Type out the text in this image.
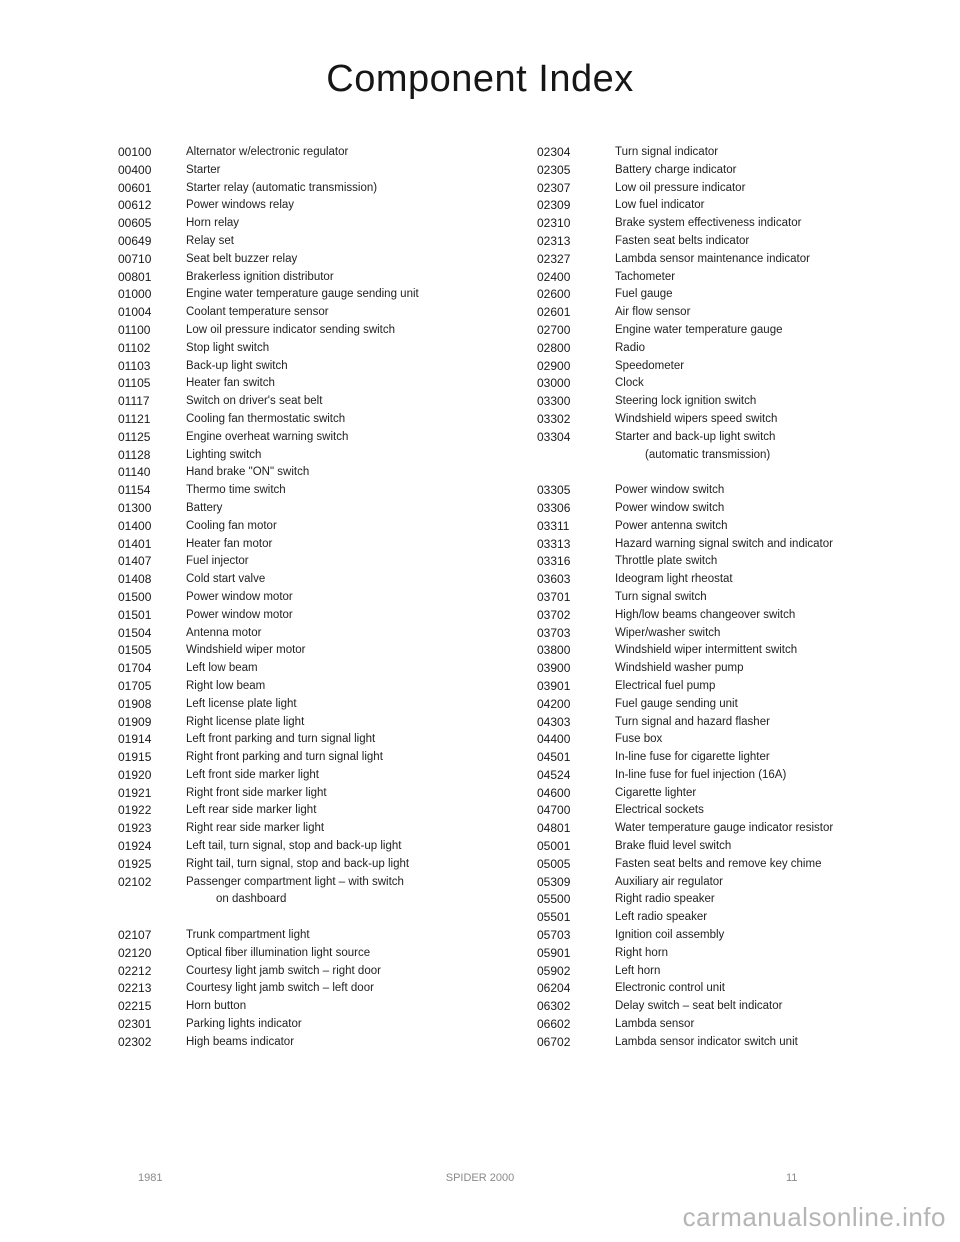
Component Index
00100	Alternator w/electronic regulator
00400	Starter
00601	Starter relay (automatic transmission)
00612	Power windows relay
00605	Horn relay
00649	Relay set
00710	Seat belt buzzer relay
00801	Brakerless ignition distributor
01000	Engine water temperature gauge sending unit
01004	Coolant temperature sensor
01100	Low oil pressure indicator sending switch
01102	Stop light switch
01103	Back-up light switch
01105	Heater fan switch
01117	Switch on driver's seat belt
01121	Cooling fan thermostatic switch
01125	Engine overheat warning switch
01128	Lighting switch
01140	Hand brake "ON" switch
01154	Thermo time switch
01300	Battery
01400	Cooling fan motor
01401	Heater fan motor
01407	Fuel injector
01408	Cold start valve
01500	Power window motor
01501	Power window motor
01504	Antenna motor
01505	Windshield wiper motor
01704	Left low beam
01705	Right low beam
01908	Left license plate light
01909	Right license plate light
01914	Left front parking and turn signal light
01915	Right front parking and turn signal light
01920	Left front side marker light
01921	Right front side marker light
01922	Left rear side marker light
01923	Right rear side marker light
01924	Left tail, turn signal, stop and back-up light
01925	Right tail, turn signal, stop and back-up light
02102	Passenger compartment light – with switch
on dashboard
02107	Trunk compartment light
02120	Optical fiber illumination light source
02212	Courtesy light jamb switch – right door
02213	Courtesy light jamb switch – left door
02215	Horn button
02301	Parking lights indicator
02302	High beams indicator
02304	Turn signal indicator
02305	Battery charge indicator
02307	Low oil pressure indicator
02309	Low fuel indicator
02310	Brake system effectiveness indicator
02313	Fasten seat belts indicator
02327	Lambda sensor maintenance indicator
02400	Tachometer
02600	Fuel gauge
02601	Air flow sensor
02700	Engine water temperature gauge
02800	Radio
02900	Speedometer
03000	Clock
03300	Steering lock ignition switch
03302	Windshield wipers speed switch
03304	Starter and back-up light switch
(automatic transmission)
03305	Power window switch
03306	Power window switch
03311	Power antenna switch
03313	Hazard warning signal switch and indicator
03316	Throttle plate switch
03603	Ideogram light rheostat
03701	Turn signal switch
03702	High/low beams changeover switch
03703	Wiper/washer switch
03800	Windshield wiper intermittent switch
03900	Windshield washer pump
03901	Electrical fuel pump
04200	Fuel gauge sending unit
04303	Turn signal and hazard flasher
04400	Fuse box
04501	In-line fuse for cigarette lighter
04524	In-line fuse for fuel injection (16A)
04600	Cigarette lighter
04700	Electrical sockets
04801	Water temperature gauge indicator resistor
05001	Brake fluid level switch
05005	Fasten seat belts and remove key chime
05309	Auxiliary air regulator
05500	Right radio speaker
05501	Left radio speaker
05703	Ignition coil assembly
05901	Right horn
05902	Left horn
06204	Electronic control unit
06302	Delay switch – seat belt indicator
06602	Lambda sensor
06702	Lambda sensor indicator switch unit
1981	SPIDER 2000	11
carmanualsonline.info
